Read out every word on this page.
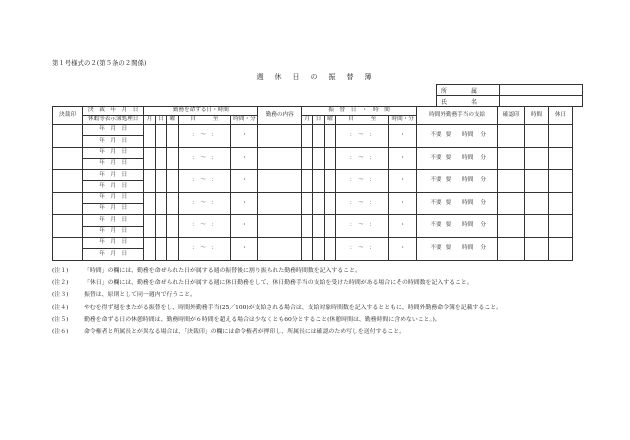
第１号様式の２(第５条の２関係)
週　休　日　の　振　替　簿
所　　　　属	
氏　　　　名	
決裁印	決　裁　年　月　日	勤務を命ずる日・時間					勤務の内容	振　替　日　・　時　間					時間外勤務手当の支給	確認印	時間	休日
	休暇等表示簿処理日	月	日	曜	自　　　 至	時間・分		月	日	曜	自　　　 至	時間・分				
	年　月　日				：　～　：	・					：　～　：	・	不要 要 時間 分			
	年　月　日															
	年　月　日				：　～　：	・					：　～　：	・	不要 要 時間 分			
	年　月　日															
	年　月　日				：　～　：	・					：　～　：	・	不要 要 時間 分			
	年　月　日															
	年　月　日				：　～　：	・					：　～　：	・	不要 要 時間 分			
	年　月　日															
	年　月　日				：　～　：	・					：　～　：	・	不要 要 時間 分			
	年　月　日															
	年　月　日				：　～　：	・					：　～　：	・	不要 要 時間 分			
	年　月　日															
(注１)	「時間」の欄には、勤務を命ぜられた日が属する週の振替後に割り振られた勤務時間数を記入すること。
(注２)	「休日」の欄には、勤務を命ぜられた日が属する週に休日勤務をして、休日勤務手当の支給を受けた時間がある場合にその時間数を記入すること。
(注３)	振替は、原則として同一週内で行うこと。
(注４)	やむを得ず週をまたがる振替をし、時間外勤務手当(25／100)が支給される場合は、支給対象時間数を記入するとともに、時間外勤務命令簿を記載すること。
(注５)	勤務を命ずる日の休憩時間は、勤務時間が６時間を超える場合は少なくとも60分とすること(休憩時間は、勤務時間に含めないこと。)。
(注６)	命令権者と所属長とが異なる場合は、「決裁印」の欄には命令権者が押印し、所属長には確認のため写しを送付すること。
